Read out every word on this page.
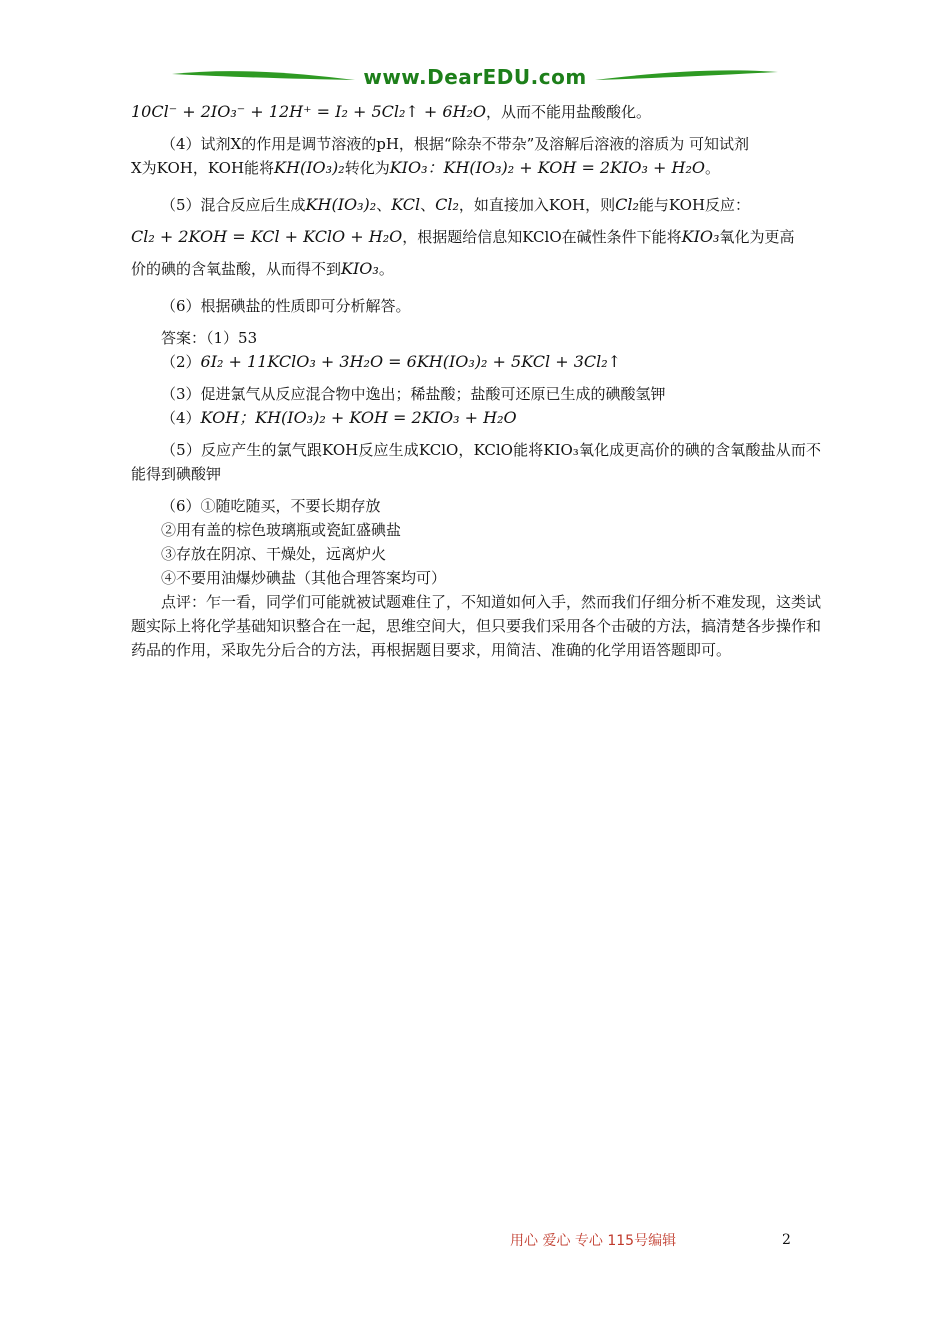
www.DearEDU.com
10Cl⁻ + 2IO₃⁻ + 12H⁺ = I₂ + 5Cl₂↑ + 6H₂O，从而不能用盐酸酸化。
（4）试剂X的作用是调节溶液的pH，根据“除杂不带杂”及溶解后溶液的溶质为 可知试剂
X为KOH，KOH能将KH(IO₃)₂转化为KIO₃：KH(IO₃)₂ + KOH = 2KIO₃ + H₂O。
（5）混合反应后生成KH(IO₃)₂、KCl、Cl₂，如直接加入KOH，则Cl₂能与KOH反应：
Cl₂ + 2KOH = KCl + KClO + H₂O，根据题给信息知KClO在碱性条件下能将KIO₃氧化为更高
价的碘的含氧盐酸，从而得不到KIO₃。
（6）根据碘盐的性质即可分析解答。
答案：（1）53
（2）6I₂ + 11KClO₃ + 3H₂O = 6KH(IO₃)₂ + 5KCl + 3Cl₂↑
（3）促进氯气从反应混合物中逸出；稀盐酸；盐酸可还原已生成的碘酸氢钾
（4）KOH；KH(IO₃)₂ + KOH = 2KIO₃ + H₂O
（5）反应产生的氯气跟KOH反应生成KClO，KClO能将KIO₃氧化成更高价的碘的含氧酸盐从而不能得到碘酸钾
（6）①随吃随买，不要长期存放
②用有盖的棕色玻璃瓶或瓷缸盛碘盐
③存放在阴凉、干燥处，远离炉火
④不要用油爆炒碘盐（其他合理答案均可）
点评：乍一看，同学们可能就被试题难住了，不知道如何入手，然而我们仔细分析不难发现，这类试题实际上将化学基础知识整合在一起，思维空间大，但只要我们采用各个击破的方法，搞清楚各步操作和药品的作用，采取先分后合的方法，再根据题目要求，用简洁、准确的化学用语答题即可。
用心 爱心 专心 115号编辑	2
